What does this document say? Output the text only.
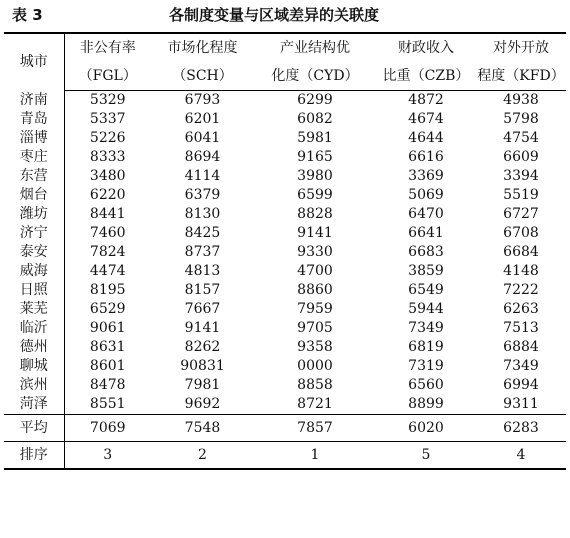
表 3	各制度变量与区域差异的关联度
城市	非公有率	市场化程度	产业结构优	财政收入	对外开放
	（FGL）	（SCH）	化度（CYD）	比重（CZB）	程度（KFD）
济南	5329	6793	6299	4872	4938
青岛	5337	6201	6082	4674	5798
淄博	5226	6041	5981	4644	4754
枣庄	8333	8694	9165	6616	6609
东营	3480	4114	3980	3369	3394
烟台	6220	6379	6599	5069	5519
潍坊	8441	8130	8828	6470	6727
济宁	7460	8425	9141	6641	6708
泰安	7824	8737	9330	6683	6684
威海	4474	4813	4700	3859	4148
日照	8195	8157	8860	6549	7222
莱芜	6529	7667	7959	5944	6263
临沂	9061	9141	9705	7349	7513
德州	8631	8262	9358	6819	6884
聊城	8601	90831	0000	7319	7349
滨州	8478	7981	8858	6560	6994
菏泽	8551	9692	8721	8899	9311
平均	7069	7548	7857	6020	6283
排序	3	2	1	5	4
